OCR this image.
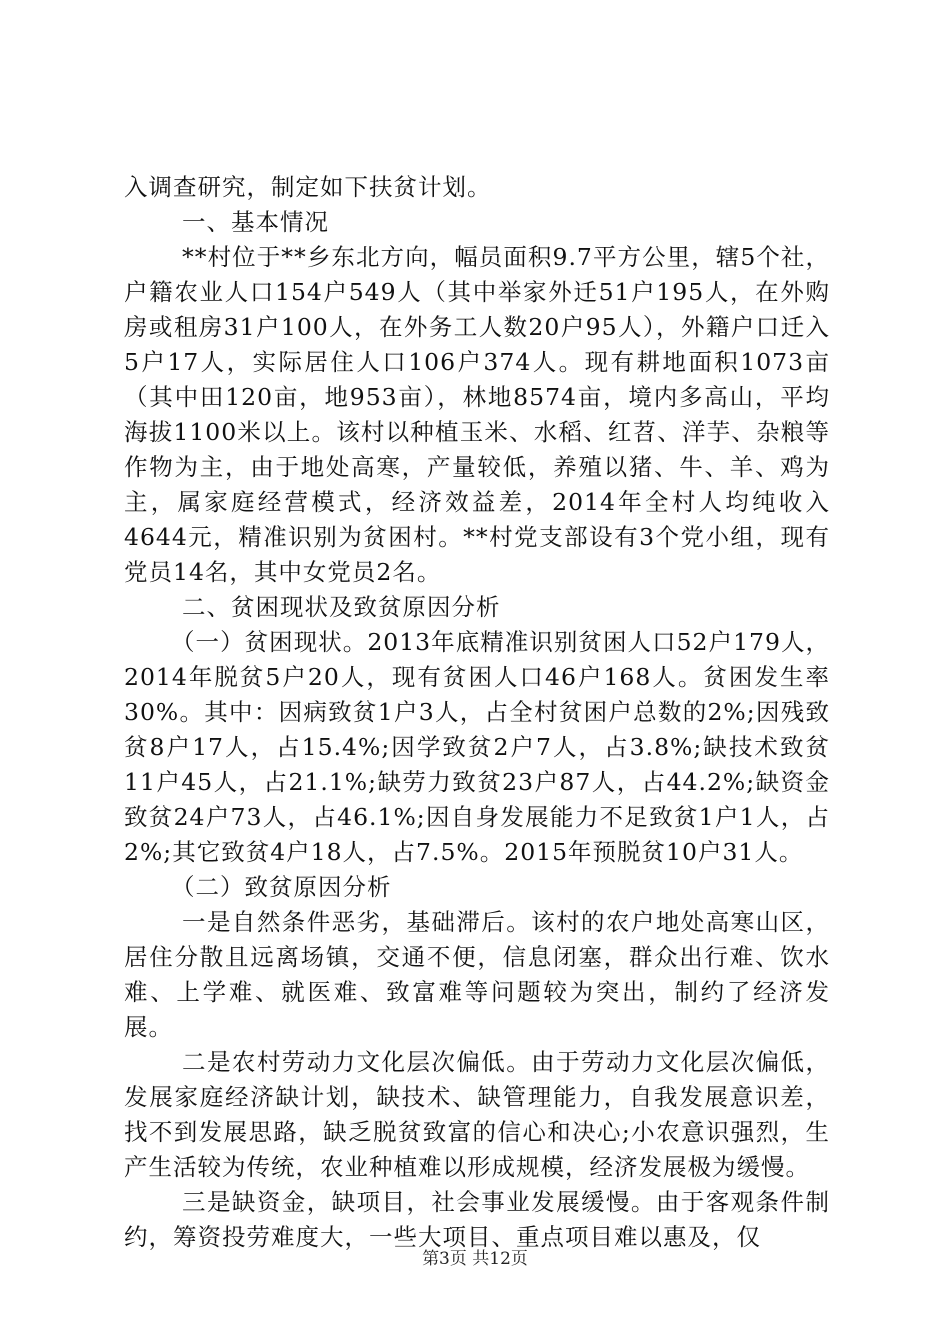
入调查研究，制定如下扶贫计划。

一、基本情况

**村位于**乡东北方向，幅员面积9.7平方公里，辖5个社，户籍农业人口154户549人（其中举家外迁51户195人，在外购房或租房31户100人，在外务工人数20户95人），外籍户口迁入5户17人，实际居住人口106户374人。现有耕地面积1073亩（其中田120亩，地953亩），林地8574亩，境内多高山，平均海拔1100米以上。该村以种植玉米、水稻、红苕、洋芋、杂粮等作物为主，由于地处高寒，产量较低，养殖以猪、牛、羊、鸡为主，属家庭经营模式，经济效益差，2014年全村人均纯收入4644元，精准识别为贫困村。**村党支部设有3个党小组，现有党员14名，其中女党员2名。

二、贫困现状及致贫原因分析

（一）贫困现状。2013年底精准识别贫困人口52户179人，2014年脱贫5户20人，现有贫困人口46户168人。贫困发生率30%。其中：因病致贫1户3人，占全村贫困户总数的2%;因残致贫8户17人，占15.4%;因学致贫2户7人，占3.8%;缺技术致贫11户45人，占21.1%;缺劳力致贫23户87人，占44.2%;缺资金致贫24户73人，占46.1%;因自身发展能力不足致贫1户1人，占2%;其它致贫4户18人，占7.5%。2015年预脱贫10户31人。

（二）致贫原因分析

一是自然条件恶劣，基础滞后。该村的农户地处高寒山区，居住分散且远离场镇，交通不便，信息闭塞，群众出行难、饮水难、上学难、就医难、致富难等问题较为突出，制约了经济发展。

二是农村劳动力文化层次偏低。由于劳动力文化层次偏低，发展家庭经济缺计划，缺技术、缺管理能力，自我发展意识差，找不到发展思路，缺乏脱贫致富的信心和决心;小农意识强烈，生产生活较为传统，农业种植难以形成规模，经济发展极为缓慢。

三是缺资金，缺项目，社会事业发展缓慢。由于客观条件制约，筹资投劳难度大，一些大项目、重点项目难以惠及，仅

第3页 共12页
